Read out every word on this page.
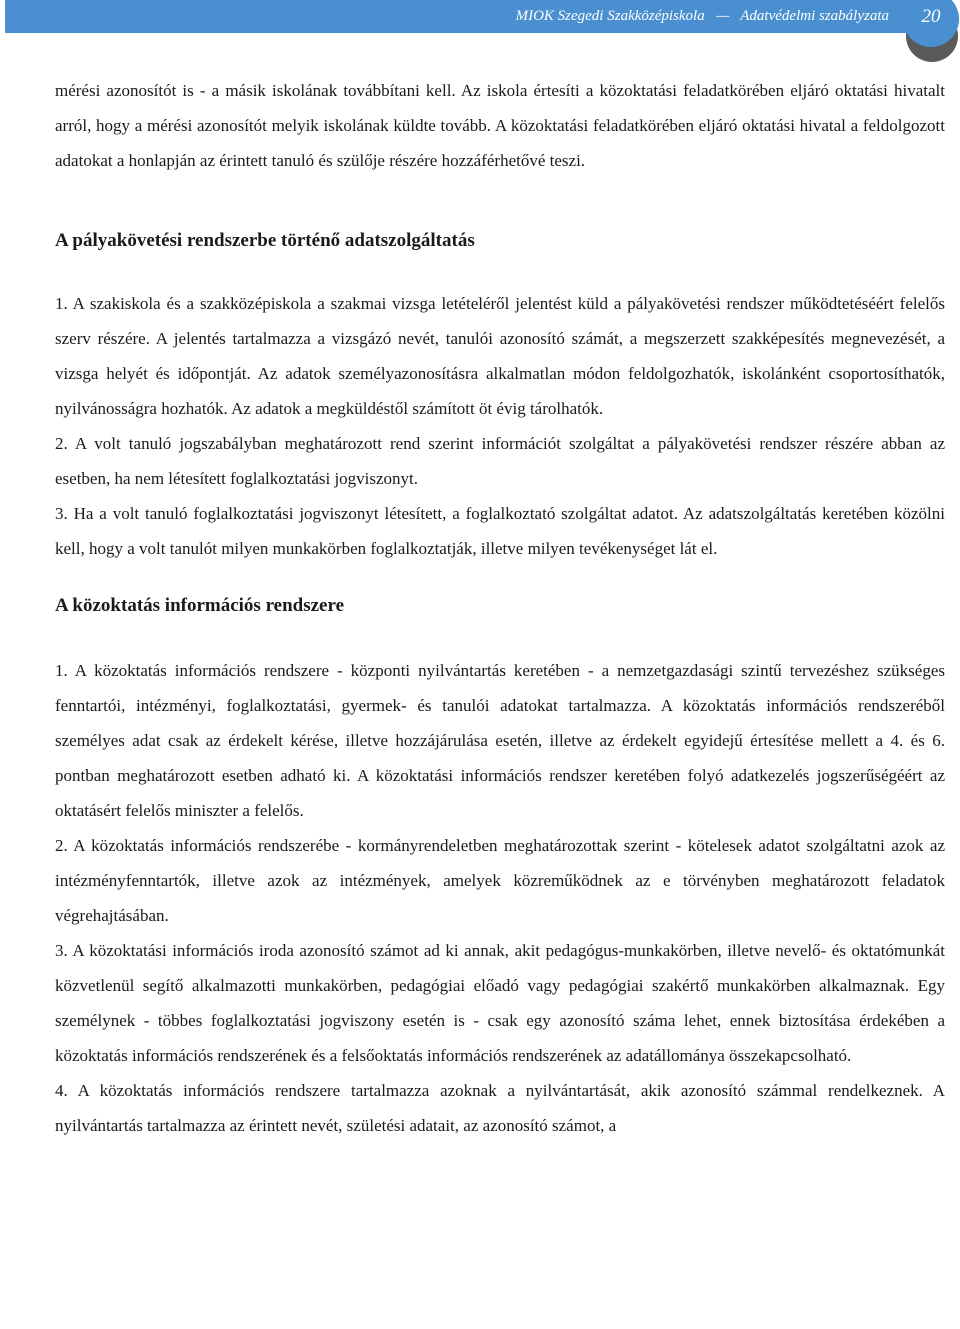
MIOK Szegedi Szakközépiskola   —   Adatvédelmi szabályzata	20

mérési azonosítót is - a másik iskolának továbbítani kell. Az iskola értesíti a közoktatási feladatkörében eljáró oktatási hivatalt arról, hogy a mérési azonosítót melyik iskolának küldte tovább. A közoktatási feladatkörében eljáró oktatási hivatal a feldolgozott adatokat a honlapján az érintett tanuló és szülője részére hozzáférhetővé teszi.

A pályakövetési rendszerbe történő adatszolgáltatás

1. A szakiskola és a szakközépiskola a szakmai vizsga letételéről jelentést küld a pályakövetési rendszer működtetéséért felelős szerv részére. A jelentés tartalmazza a vizsgázó nevét, tanulói azonosító számát, a megszerzett szakképesítés megnevezését, a vizsga helyét és időpontját. Az adatok személyazonosításra alkalmatlan módon feldolgozhatók, iskolánként csoportosíthatók, nyilvánosságra hozhatók. Az adatok a megküldéstől számított öt évig tárolhatók.

2. A volt tanuló jogszabályban meghatározott rend szerint információt szolgáltat a pályakövetési rendszer részére abban az esetben, ha nem létesített foglalkoztatási jogviszonyt.

3. Ha a volt tanuló foglalkoztatási jogviszonyt létesített, a foglalkoztató szolgáltat adatot. Az adatszolgáltatás keretében közölni kell, hogy a volt tanulót milyen munkakörben foglalkoztatják, illetve milyen tevékenységet lát el.

A közoktatás információs rendszere

1. A közoktatás információs rendszere - központi nyilvántartás keretében - a nemzetgazdasági szintű tervezéshez szükséges fenntartói, intézményi, foglalkoztatási, gyermek- és tanulói adatokat tartalmazza. A közoktatás információs rendszeréből személyes adat csak az érdekelt kérése, illetve hozzájárulása esetén, illetve az érdekelt egyidejű értesítése mellett a 4. és 6. pontban meghatározott esetben adható ki. A közoktatási információs rendszer keretében folyó adatkezelés jogszerűségéért az oktatásért felelős miniszter a felelős.

2. A közoktatás információs rendszerébe - kormányrendeletben meghatározottak szerint - kötelesek adatot szolgáltatni azok az intézményfenntartók, illetve azok az intézmények, amelyek közreműködnek az e törvényben meghatározott feladatok végrehajtásában.

3. A közoktatási információs iroda azonosító számot ad ki annak, akit pedagógus-munkakörben, illetve nevelő- és oktatómunkát közvetlenül segítő alkalmazotti munkakörben, pedagógiai előadó vagy pedagógiai szakértő munkakörben alkalmaznak. Egy személynek - többes foglalkoztatási jogviszony esetén is - csak egy azonosító száma lehet, ennek biztosítása érdekében a közoktatás információs rendszerének és a felsőoktatás információs rendszerének az adatállománya összekapcsolható.

4. A közoktatás információs rendszere tartalmazza azoknak a nyilvántartását, akik azonosító számmal rendelkeznek. A nyilvántartás tartalmazza az érintett nevét, születési adatait, az azonosító számot, a
